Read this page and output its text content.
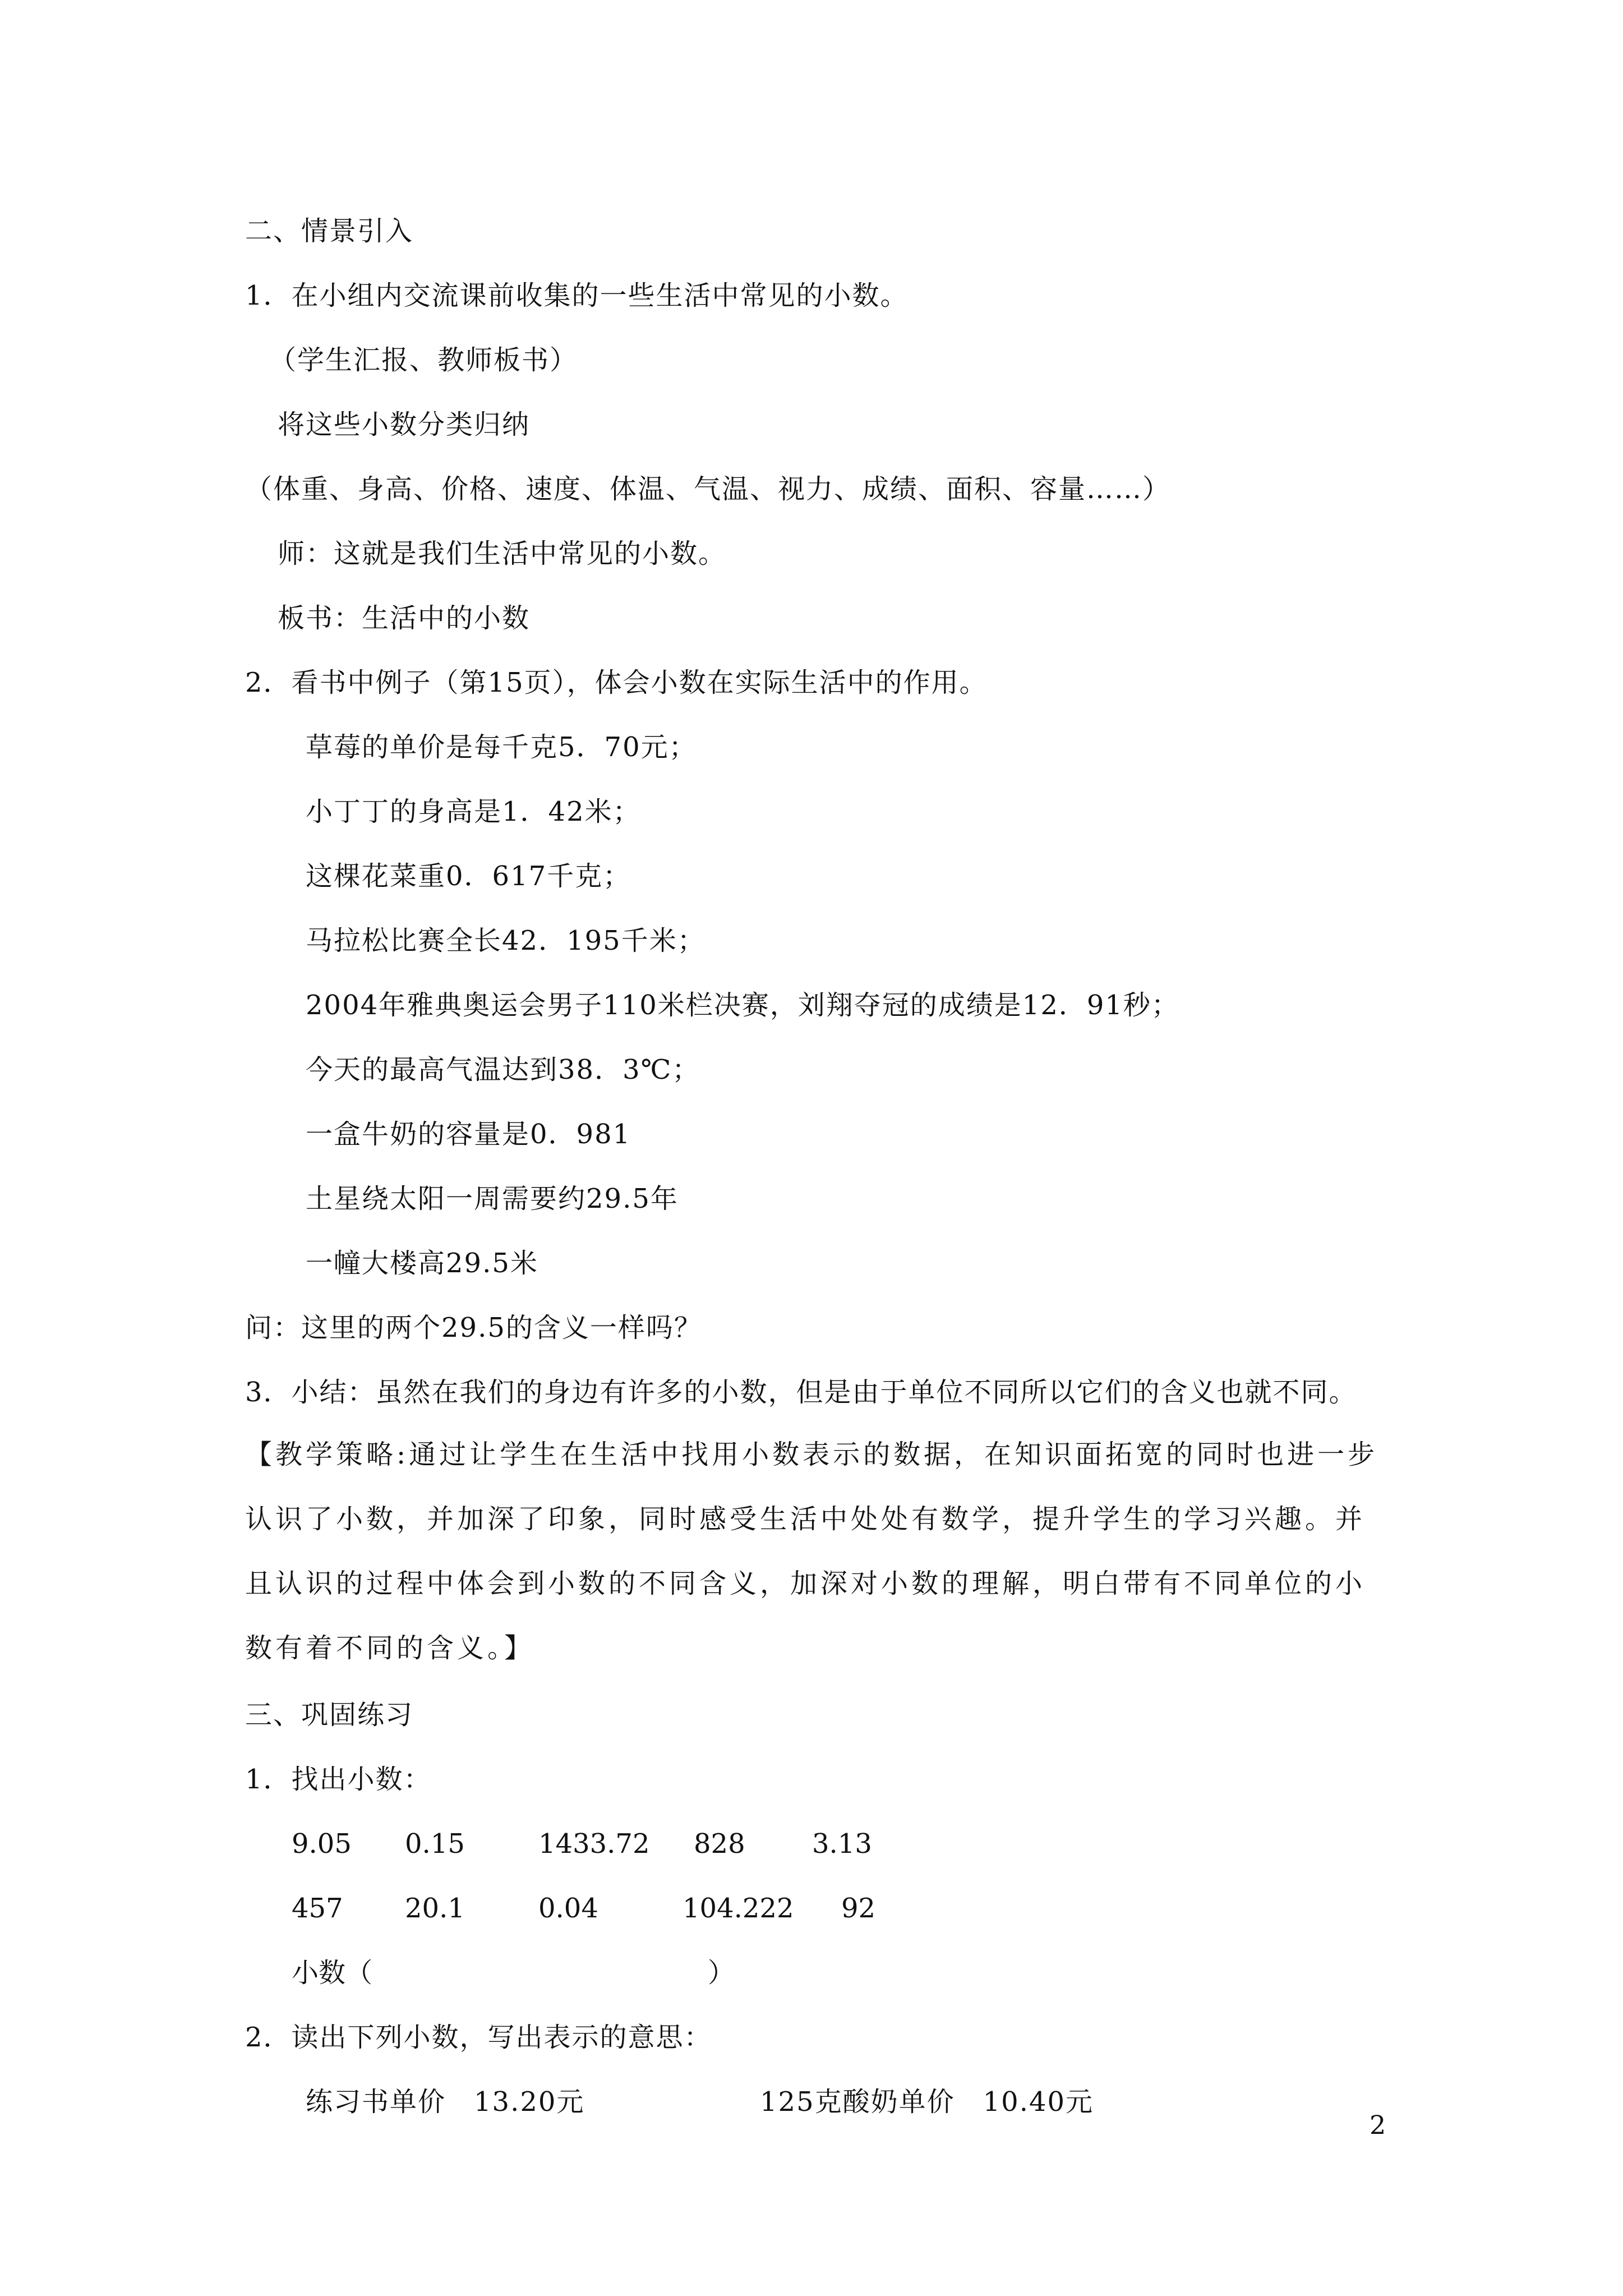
二、情景引入
1．在小组内交流课前收集的一些生活中常见的小数。
（学生汇报、教师板书）
将这些小数分类归纳
（体重、身高、价格、速度、体温、气温、视力、成绩、面积、容量……）
师：这就是我们生活中常见的小数。
板书：生活中的小数
2．看书中例子（第15页），体会小数在实际生活中的作用。
草莓的单价是每千克5．70元；
小丁丁的身高是1．42米；
这棵花菜重0．617千克；
马拉松比赛全长42．195千米；
2004年雅典奥运会男子110米栏决赛，刘翔夺冠的成绩是12．91秒；
今天的最高气温达到38．3℃；
一盒牛奶的容量是0．981
土星绕太阳一周需要约29.5年
一幢大楼高29.5米
问：这里的两个29.5的含义一样吗？
3．小结：虽然在我们的身边有许多的小数，但是由于单位不同所以它们的含义也就不同。
【教学策略:通过让学生在生活中找用小数表示的数据，在知识面拓宽的同时也进一步认识了小数，并加深了印象，同时感受生活中处处有数学，提升学生的学习兴趣。并且认识的过程中体会到小数的不同含义，加深对小数的理解，明白带有不同单位的小数有着不同的含义。】
三、巩固练习
1．找出小数：
9.05 0.15	1433.72 828 3.13
457 20.1	0.04	104.222 92
小数（	）
2．读出下列小数，写出表示的意思：
练习书单价　13.20元	125克酸奶单价　10.40元
2
